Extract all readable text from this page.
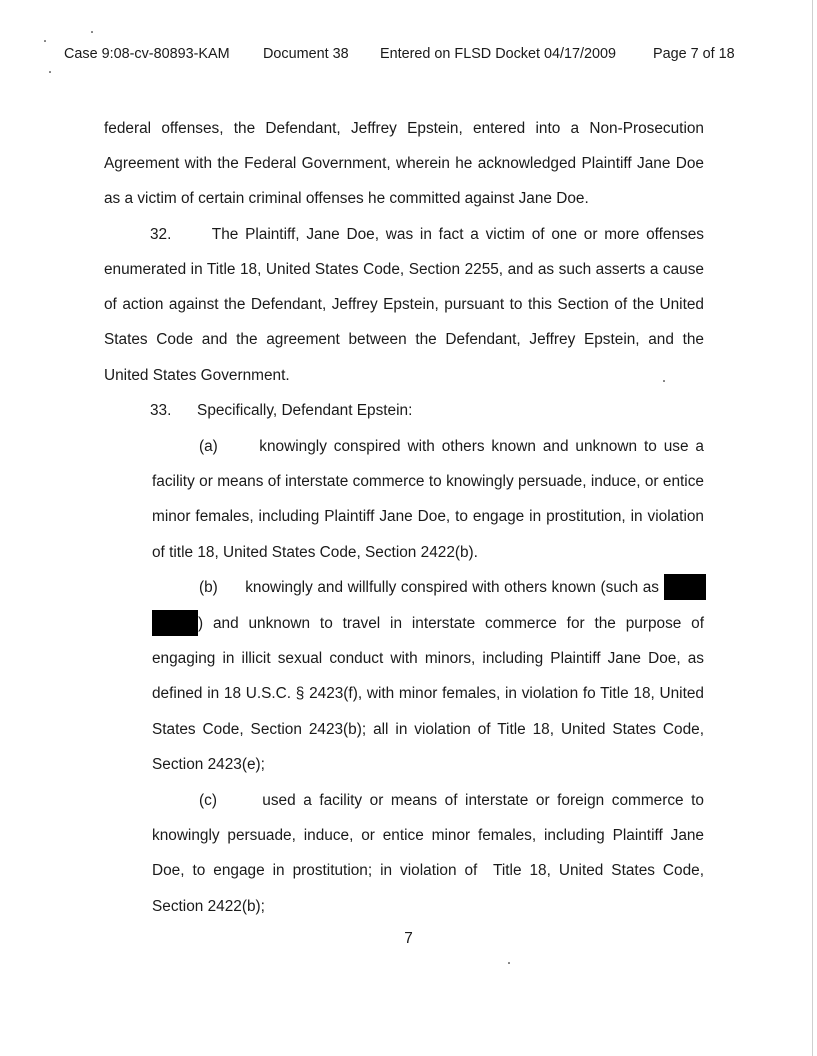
Case 9:08-cv-80893-KAM Document 38 Entered on FLSD Docket 04/17/2009	Page 7 of 18
federal offenses, the Defendant, Jeffrey Epstein, entered into a Non-Prosecution
Agreement with the Federal Government, wherein he acknowledged Plaintiff Jane Doe
as a victim of certain criminal offenses he committed against Jane Doe.
32.      The Plaintiff, Jane Doe, was in fact a victim of one or more offenses
enumerated in Title 18, United States Code, Section 2255, and as such asserts a cause
of action against the Defendant, Jeffrey Epstein, pursuant to this Section of the United
States Code and the agreement between the Defendant, Jeffrey Epstein, and the
United States Government.
33.      Specifically, Defendant Epstein:
(a)      knowingly conspired with others known and unknown to use a
facility or means of interstate commerce to knowingly persuade, induce, or entice
minor females, including Plaintiff Jane Doe, to engage in prostitution, in violation
of title 18, United States Code, Section 2422(b).
(b)      knowingly and willfully conspired with others known (such as
) and unknown to travel in interstate commerce for the purpose of
engaging in illicit sexual conduct with minors, including Plaintiff Jane Doe, as
defined in 18 U.S.C. § 2423(f), with minor females, in violation fo Title 18, United
States Code, Section 2423(b); all in violation of Title 18, United States Code,
Section 2423(e);
(c)      used a facility or means of interstate or foreign commerce to
knowingly persuade, induce, or entice minor females, including Plaintiff Jane
Doe, to engage in prostitution; in violation of  Title 18, United States Code,
Section 2422(b);
7
